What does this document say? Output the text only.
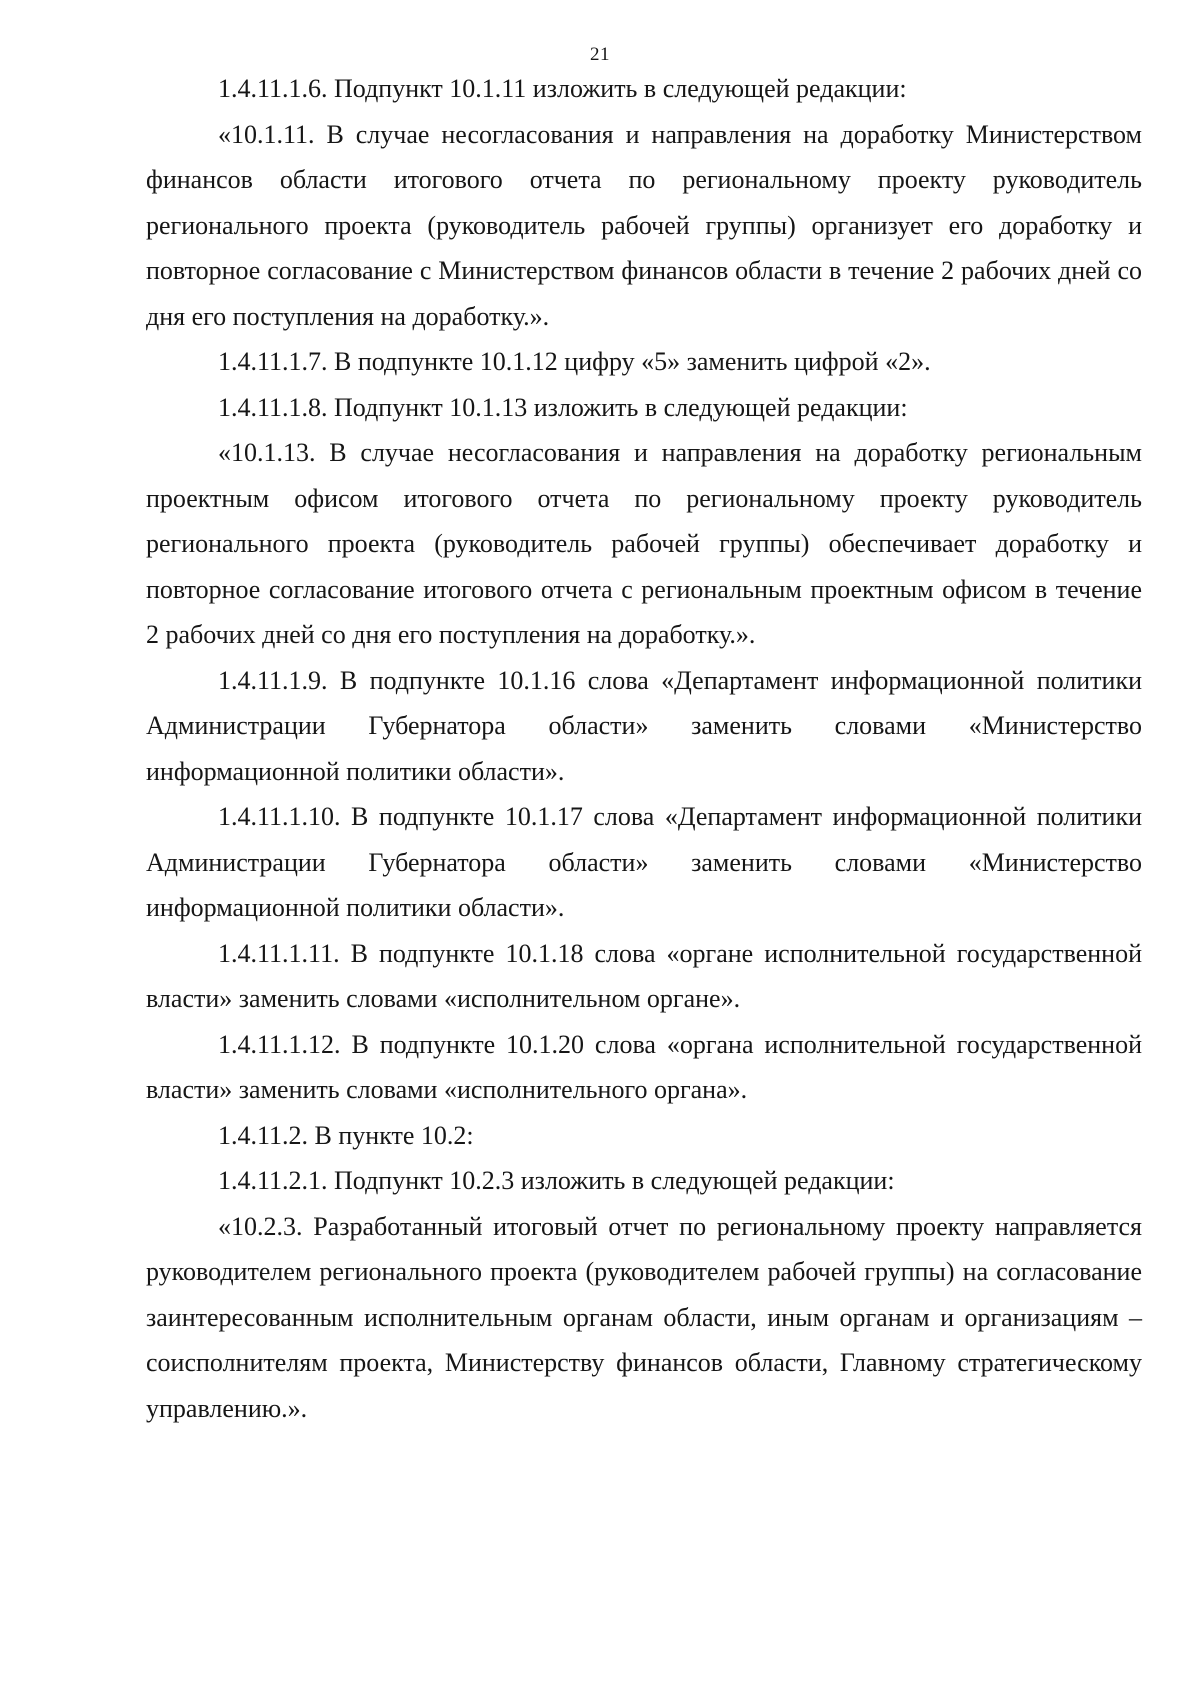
21

1.4.11.1.6. Подпункт 10.1.11 изложить в следующей редакции:

«10.1.11. В случае несогласования и направления на доработку Министерством финансов области итогового отчета по региональному проекту руководитель регионального проекта (руководитель рабочей группы) организует его доработку и повторное согласование с Министерством финансов области в течение 2 рабочих дней со дня его поступления на доработку.».

1.4.11.1.7. В подпункте 10.1.12 цифру «5» заменить цифрой «2».

1.4.11.1.8. Подпункт 10.1.13 изложить в следующей редакции:

«10.1.13. В случае несогласования и направления на доработку региональным проектным офисом итогового отчета по региональному проекту руководитель регионального проекта (руководитель рабочей группы) обеспечивает доработку и повторное согласование итогового отчета с региональным проектным офисом в течение 2 рабочих дней со дня его поступления на доработку.».

1.4.11.1.9. В подпункте 10.1.16 слова «Департамент информационной политики Администрации Губернатора области» заменить словами «Министерство информационной политики области».

1.4.11.1.10. В подпункте 10.1.17 слова «Департамент информационной политики Администрации Губернатора области» заменить словами «Министерство информационной политики области».

1.4.11.1.11. В подпункте 10.1.18 слова «органе исполнительной государственной власти» заменить словами «исполнительном органе».

1.4.11.1.12. В подпункте 10.1.20 слова «органа исполнительной государственной власти» заменить словами «исполнительного органа».

1.4.11.2. В пункте 10.2:

1.4.11.2.1. Подпункт 10.2.3 изложить в следующей редакции:

«10.2.3. Разработанный итоговый отчет по региональному проекту направляется руководителем регионального проекта (руководителем рабочей группы) на согласование заинтересованным исполнительным органам области, иным органам и организациям – соисполнителям проекта, Министерству финансов области, Главному стратегическому управлению.».
